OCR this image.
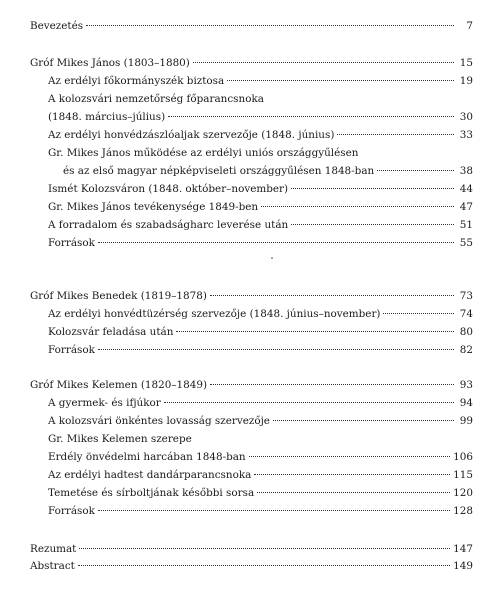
Bevezetés	7
Gróf Mikes János (1803–1880)	15
Az erdélyi főkormányszék biztosa	19
A kolozsvári nemzetőrség főparancsnoka
(1848. március–július)	30
Az erdélyi honvédzászlóaljak szervezője (1848. június)	33
Gr. Mikes János működése az erdélyi uniós országgyűlésen
és az első magyar népképviseleti országgyűlésen 1848-ban	38
Ismét Kolozsváron (1848. október–november)	44
Gr. Mikes János tevékenysége 1849-ben	47
A forradalom és szabadságharc leverése után	51
Források	55
Gróf Mikes Benedek (1819–1878)	73
Az erdélyi honvédtüzérség szervezője (1848. június–november)	74
Kolozsvár feladása után	80
Források	82
Gróf Mikes Kelemen (1820–1849)	93
A gyermek- és ifjúkor	94
A kolozsvári önkéntes lovasság szervezője	99
Gr. Mikes Kelemen szerepe
Erdély önvédelmi harcában 1848-ban	106
Az erdélyi hadtest dandárparancsnoka	115
Temetése és sírboltjának későbbi sorsa	120
Források	128
Rezumat	147
Abstract	149
